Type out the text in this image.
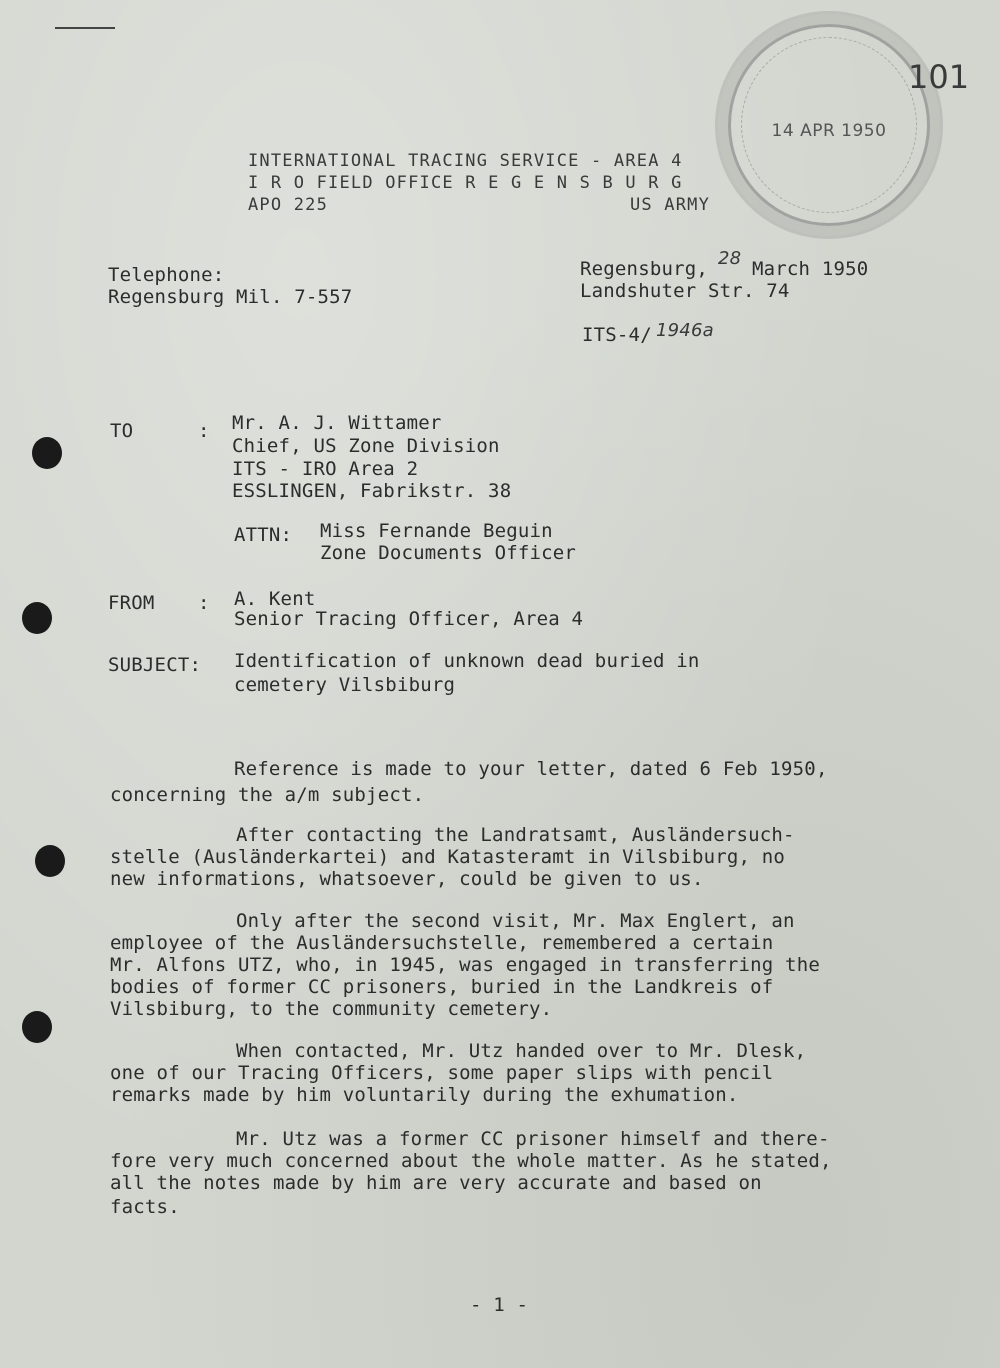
14 APR 1950
101
INTERNATIONAL TRACING SERVICE - AREA 4
I R O FIELD OFFICE R E G E N S B U R G
APO 225	US ARMY
Telephone:
Regensburg Mil. 7-557
Regensburg, 28 March 1950
Landshuter Str. 74
ITS-4/ 1946a
TO	: Mr. A. J. Wittamer
Chief, US Zone Division
ITS - IRO Area 2
ESSLINGEN, Fabrikstr. 38
ATTN: Miss Fernande Beguin
Zone Documents Officer
FROM : A. Kent
Senior Tracing Officer, Area 4
SUBJECT: Identification of unknown dead buried in
cemetery Vilsbiburg
Reference is made to your letter, dated 6 Feb 1950,
concerning the a/m subject.
After contacting the Landratsamt, Ausländersuch-
stelle (Ausländerkartei) and Katasteramt in Vilsbiburg, no
new informations, whatsoever, could be given to us.
Only after the second visit, Mr. Max Englert, an
employee of the Ausländersuchstelle, remembered a certain
Mr. Alfons UTZ, who, in 1945, was engaged in transferring the
bodies of former CC prisoners, buried in the Landkreis of
Vilsbiburg, to the community cemetery.
When contacted, Mr. Utz handed over to Mr. Dlesk,
one of our Tracing Officers, some paper slips with pencil
remarks made by him voluntarily during the exhumation.
Mr. Utz was a former CC prisoner himself and there-
fore very much concerned about the whole matter. As he stated,
all the notes made by him are very accurate and based on
facts.
- 1 -
